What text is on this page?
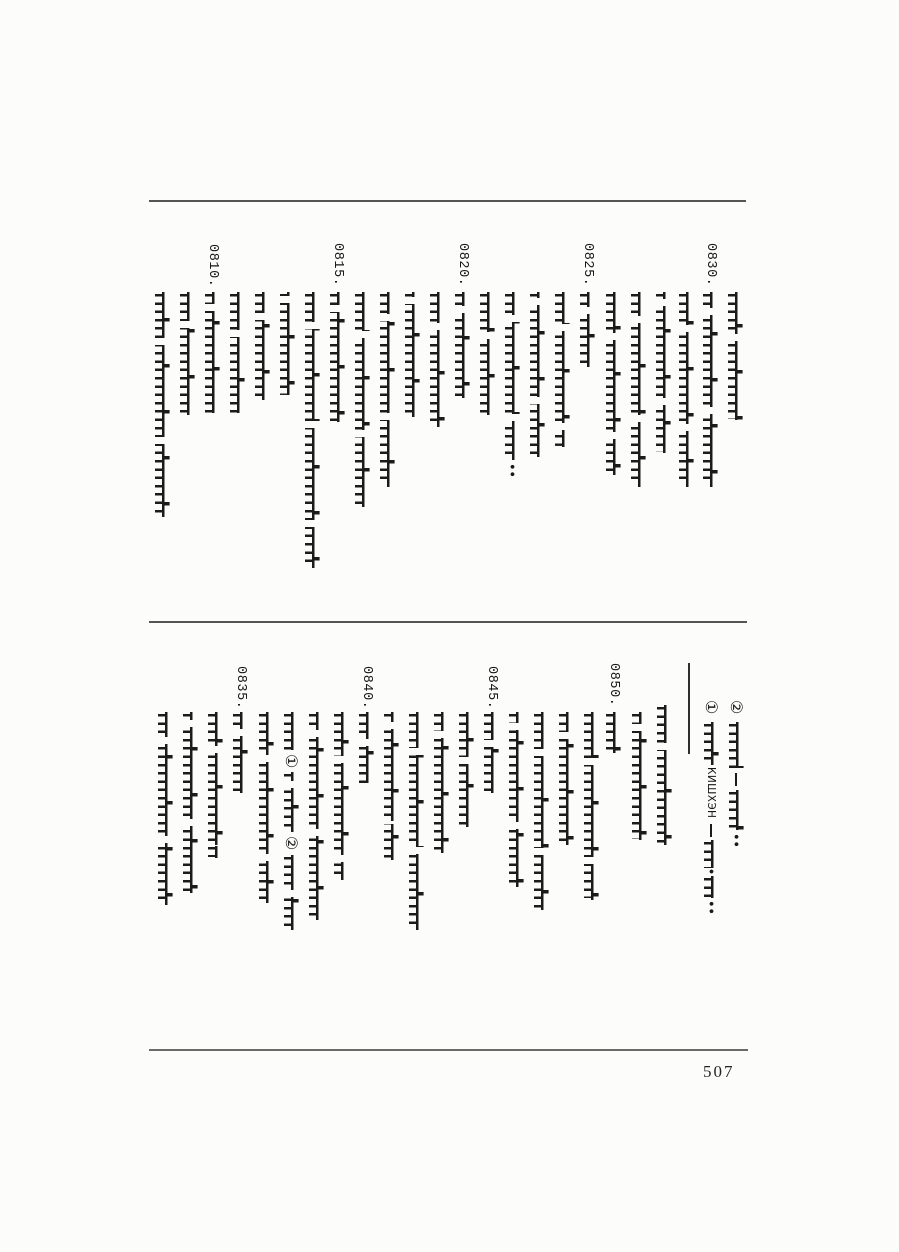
0810.	0815.	0820.	0825.	0830.
0835.	0840.	0845.	0850.
① ②
①
②
КИШХЭН
507
